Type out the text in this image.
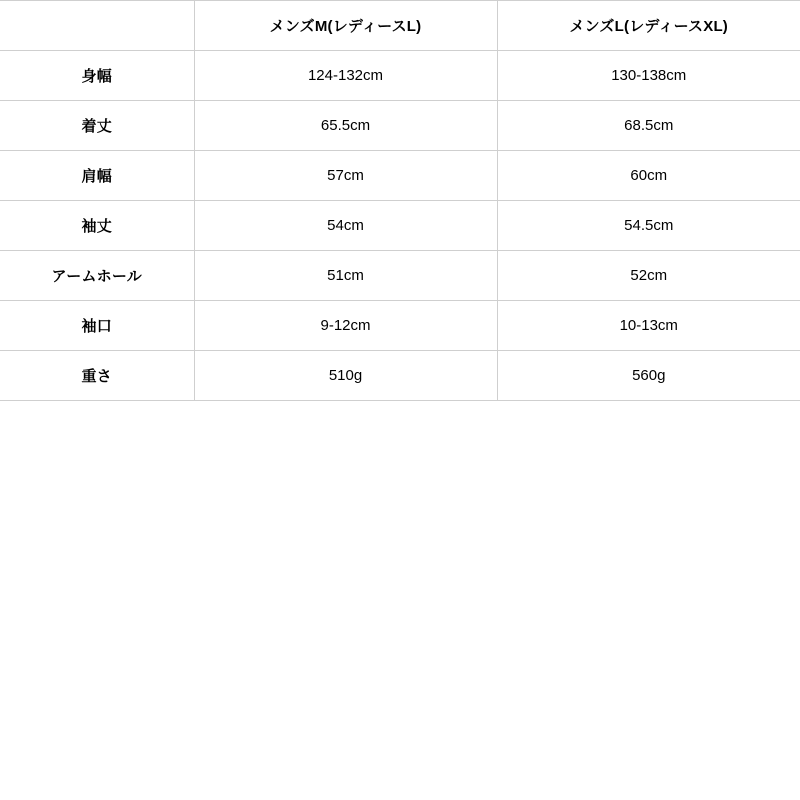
	メンズM(レディースL)	メンズL(レディースXL)
身幅	124-132cm	130-138cm
着丈	65.5cm	68.5cm
肩幅	57cm	60cm
袖丈	54cm	54.5cm
アームホール	51cm	52cm
袖口	9-12cm	10-13cm
重さ	510g	560g
